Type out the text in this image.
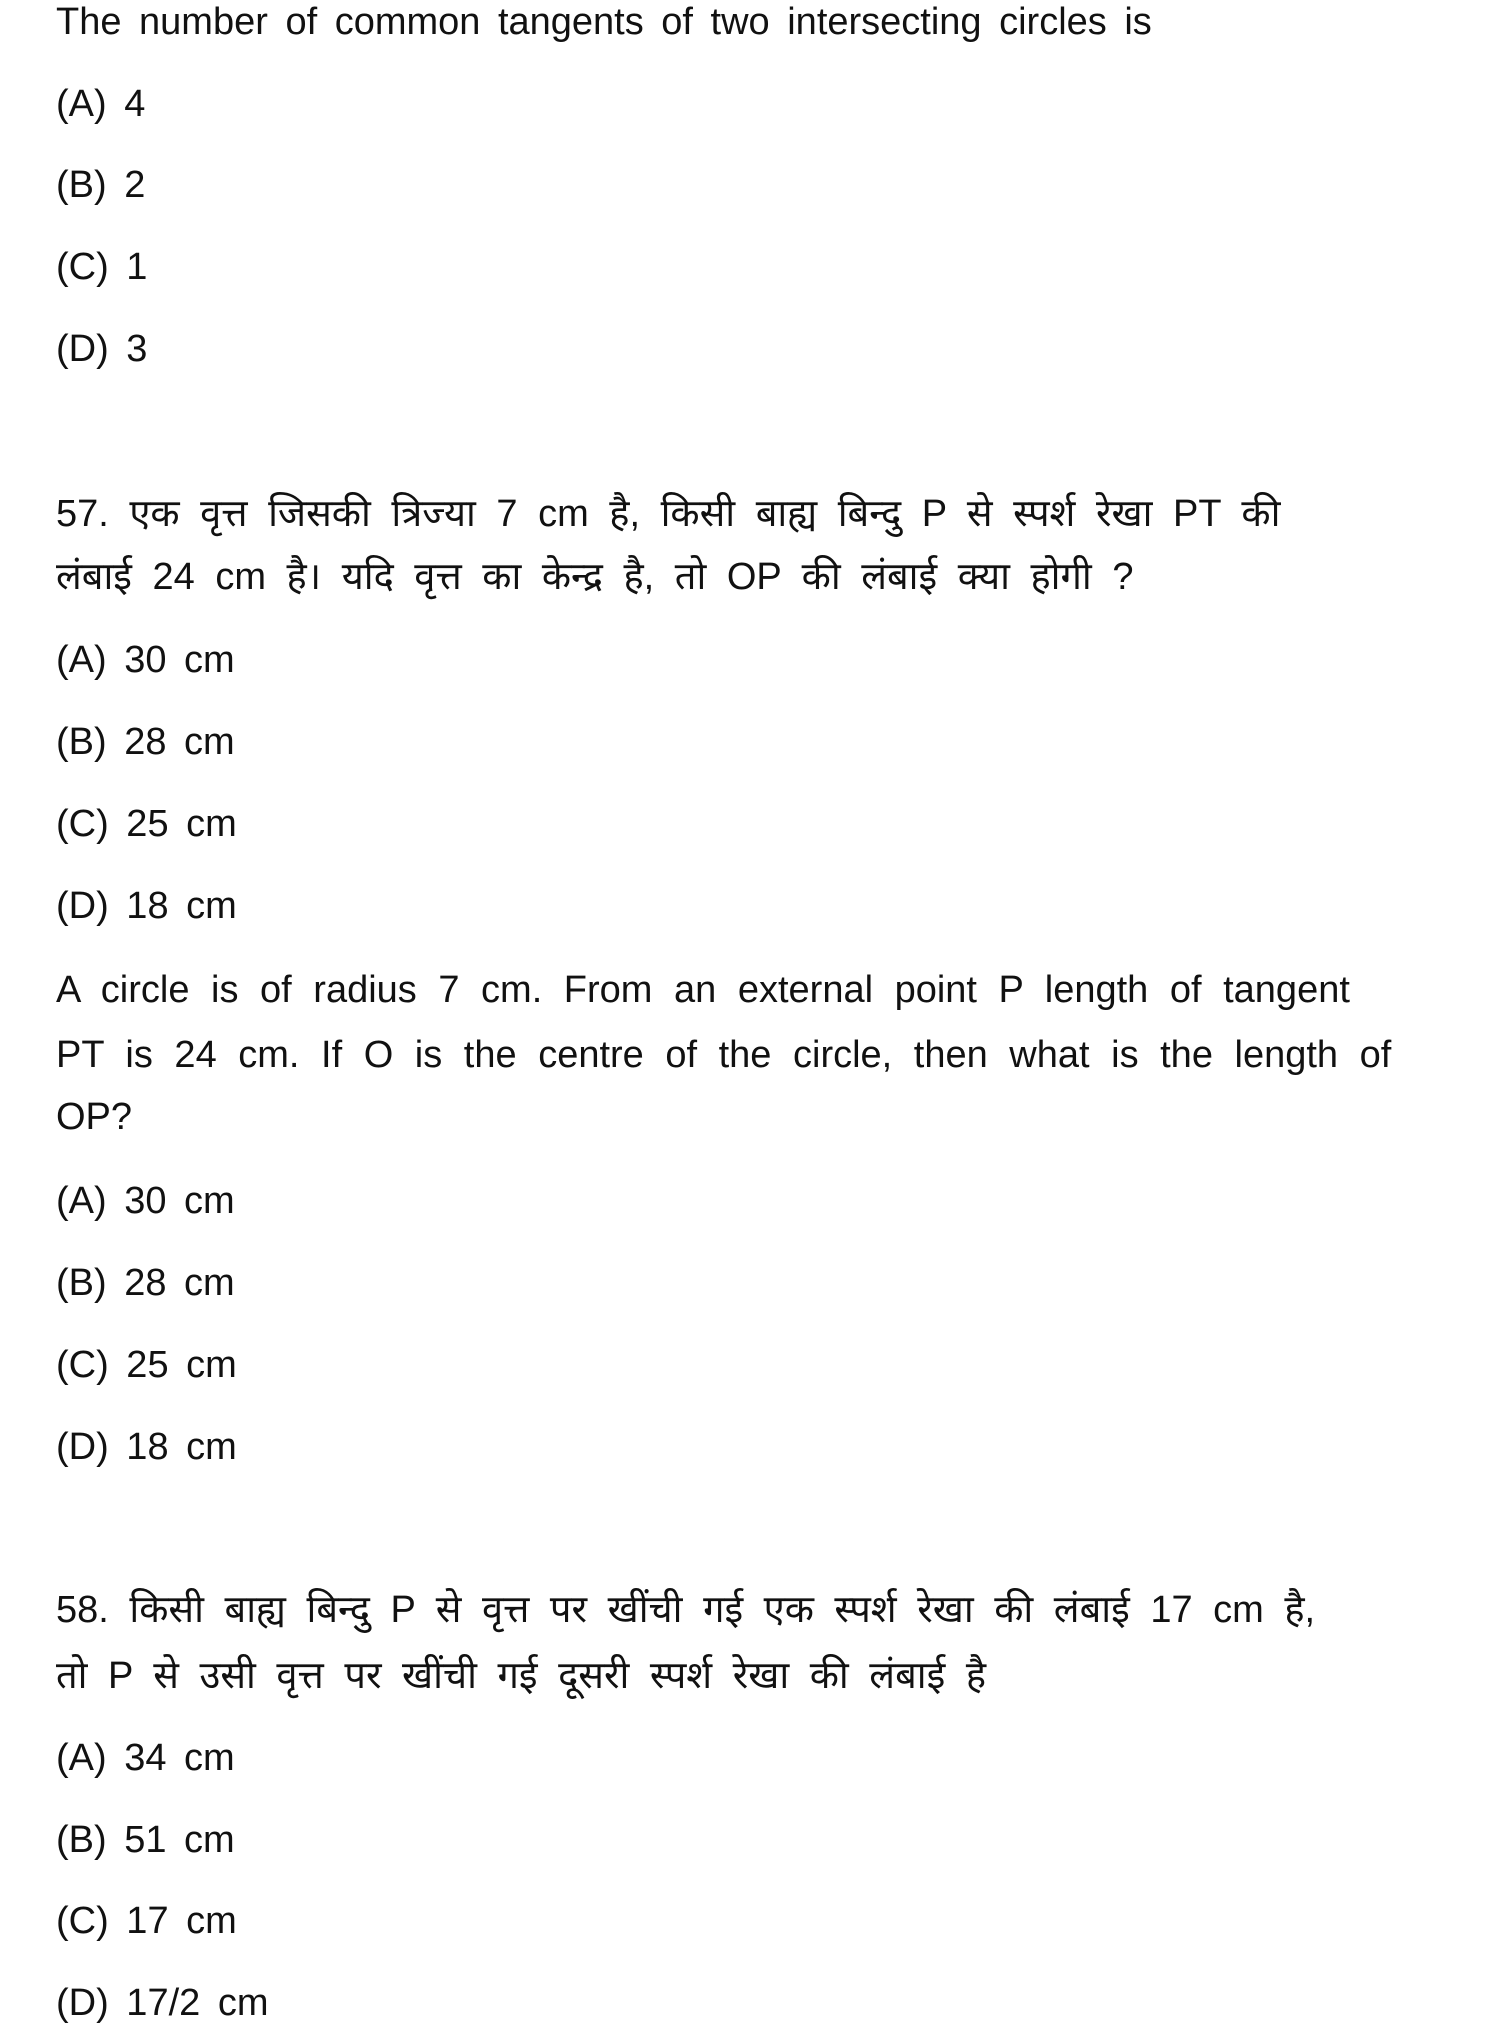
The number of common tangents of two intersecting circles is
(A) 4
(B) 2
(C) 1
(D) 3
57. एक वृत्त जिसकी त्रिज्या 7 cm है, किसी बाह्य बिन्दु P से स्पर्श रेखा PT की
लंबाई 24 cm है। यदि वृत्त का केन्द्र है, तो OP की लंबाई क्या होगी ?
(A) 30 cm
(B) 28 cm
(C) 25 cm
(D) 18 cm
A circle is of radius 7 cm. From an external point P length of tangent
PT is 24 cm. If O is the centre of the circle, then what is the length of
OP?
(A) 30 cm
(B) 28 cm
(C) 25 cm
(D) 18 cm
58. किसी बाह्य बिन्दु P से वृत्त पर खींची गई एक स्पर्श रेखा की लंबाई 17 cm है,
तो P से उसी वृत्त पर खींची गई दूसरी स्पर्श रेखा की लंबाई है
(A) 34 cm
(B) 51 cm
(C) 17 cm
(D) 17/2 cm
